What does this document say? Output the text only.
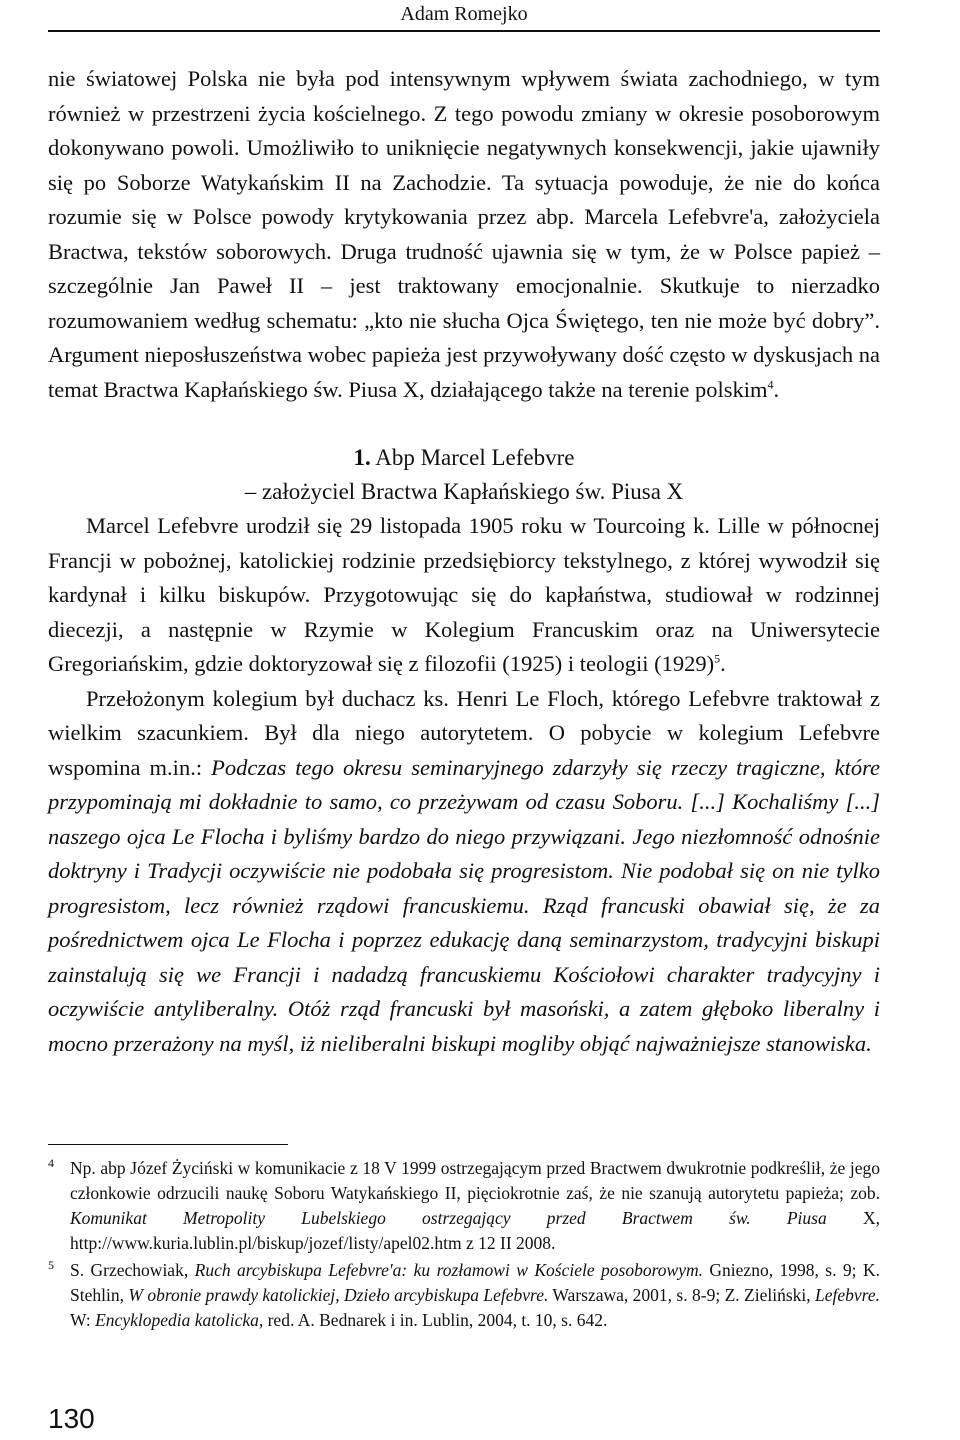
Adam Romejko

nie światowej Polska nie była pod intensywnym wpływem świata zachodniego, w tym również w przestrzeni życia kościelnego. Z tego powodu zmiany w okresie posoborowym dokonywano powoli. Umożliwiło to uniknięcie negatywnych konsekwencji, jakie ujawniły się po Soborze Watykańskim II na Zachodzie. Ta sytuacja powoduje, że nie do końca rozumie się w Polsce powody krytykowania przez abp. Marcela Lefebvre'a, założyciela Bractwa, tekstów soborowych. Druga trudność ujawnia się w tym, że w Polsce papież – szczególnie Jan Paweł II – jest traktowany emocjonalnie. Skutkuje to nierzadko rozumowaniem według schematu: „kto nie słucha Ojca Świętego, ten nie może być dobry”. Argument nieposłuszeństwa wobec papieża jest przywoływany dość często w dyskusjach na temat Bractwa Kapłańskiego św. Piusa X, działającego także na terenie polskim$^4$.

1. Abp Marcel Lefebvre
– założyciel Bractwa Kapłańskiego św. Piusa X

Marcel Lefebvre urodził się 29 listopada 1905 roku w Tourcoing k. Lille w północnej Francji w pobożnej, katolickiej rodzinie przedsiębiorcy tekstylnego, z której wywodził się kardynał i kilku biskupów. Przygotowując się do kapłaństwa, studiował w rodzinnej diecezji, a następnie w Rzymie w Kolegium Francuskim oraz na Uniwersytecie Gregoriańskim, gdzie doktoryzował się z filozofii (1925) i teologii $(1929)^5$.

Przełożonym kolegium był duchacz ks. Henri Le Floch, którego Lefebvre traktował z wielkim szacunkiem. Był dla niego autorytetem. O pobycie w kolegium Lefebvre wspomina m.in.: Podczas tego okresu seminaryjnego zdarzyły się rzeczy tragiczne, które przypominają mi dokładnie to samo, co przeżywam od czasu Soboru. [...] Kochaliśmy [...] naszego ojca Le Flocha i byliśmy bardzo do niego przywiązani. Jego niezłomność odnośnie doktryny i Tradycji oczywiście nie podobała się progresistom. Nie podobał się on nie tylko progresistom, lecz również rządowi francuskiemu. Rząd francuski obawiał się, że za pośrednictwem ojca Le Flocha i poprzez edukację daną seminarzystom, tradycyjni biskupi zainstalują się we Francji i nadadzą francuskiemu Kościołowi charakter tradycyjny i oczywiście antyliberalny. Otóż rząd francuski był masoński, a zatem głęboko liberalny i mocno przerażony na myśl, iż nieliberalni biskupi mogliby objąć najważniejsze stanowiska.

4 Np. abp Józef Życiński w komunikacie z 18 V 1999 ostrzegającym przed Bractwem dwukrotnie podkreślił, że jego członkowie odrzucili naukę Soboru Watykańskiego II, pięciokrotnie zaś, że nie szanują autorytetu papieża; zob. Komunikat Metropolity Lubelskiego ostrzegający przed Bractwem św. Piusa X, http://www.kuria.lublin.pl/biskup/jozef/listy/apel02.htm z 12 II 2008.

5 S. Grzechowiak, Ruch arcybiskupa Lefebvre'a: ku rozłamowi w Kościele posoborowym. Gniezno, 1998, s. 9; K. Stehlin, W obronie prawdy katolickiej, Dzieło arcybiskupa Lefebvre. Warszawa, 2001, s. 8-9; Z. Zieliński, Lefebvre. W: Encyklopedia katolicka, red. A. Bednarek i in. Lublin, 2004, t. 10, s. 642.

130
